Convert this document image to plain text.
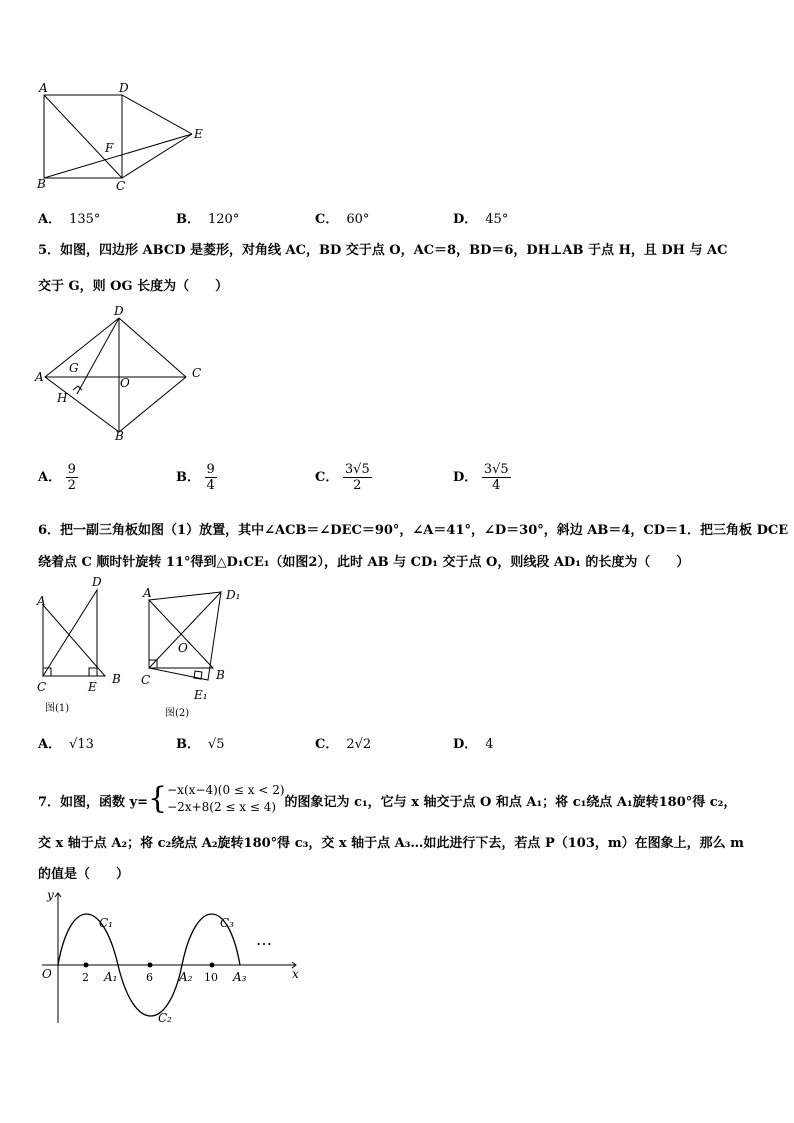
A	D
E
F
B	C
A． 135°	B． 120°	C． 60°	D． 45°
5．如图，四边形 ABCD 是菱形，对角线 AC，BD 交于点 O，AC＝8，BD＝6，DH⊥AB 于点 H，且 DH 与 AC
交于 G，则 OG 长度为（　　）
D
A
G
O
C
H
B
A． $\frac{9}{2}$	B． $\frac{9}{4}$	C． $\frac{3√5}{2}$	D． $\frac{3√5}{4}$
6．把一副三角板如图（1）放置，其中∠ACB＝∠DEC＝90°，∠A＝41°，∠D＝30°，斜边 AB＝4，CD＝1．把三角板 DCE
绕着点 C 顺时针旋转 11°得到△D₁CE₁（如图2），此时 AB 与 CD₁ 交于点 O，则线段 AD₁ 的长度为（　　）
D
A
C	E
B
图(1)
A	D₁
O
C	B
E₁
图(2)
A． √13	B． √5	C． 2√2	D． 4
7．如图，函数 y={ −x(x−4)(0 ≤ x < 2)
−2x+8(2 ≤ x ≤ 4) 的图象记为 c₁，它与 x 轴交于点 O 和点 A₁；将 c₁绕点 A₁旋转180°得 c₂，
交 x 轴于点 A₂；将 c₂绕点 A₂旋转180°得 c₃，交 x 轴于点 A₃…如此进行下去，若点 P（103，m）在图象上，那么 m
的值是（　　）
y
O	x
C₁
C₂
C₃
A₁	A₂	A₃
2	6	10
…
